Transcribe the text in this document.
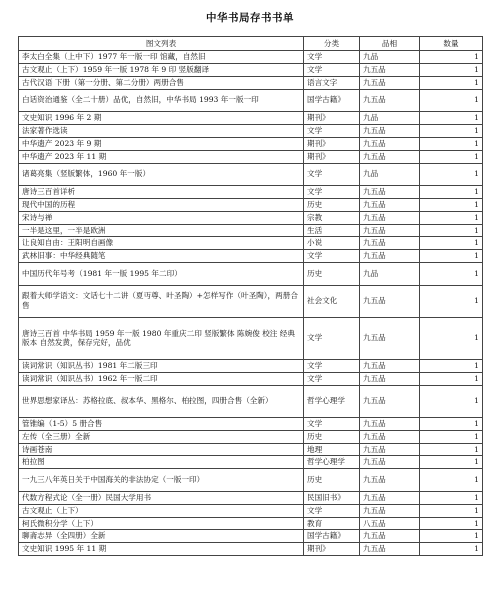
中华书局存书书单
图文列表	分类	品相	数量
李太白全集（上中下）1977 年一版一印 馆藏，自然旧	文学	九品	1
古文观止（上下）1959 年一版 1978 年 9 印 竖版翻译	文学	九五品	1
古代汉语 下册（第一分册、第二分册）两册合售	语言文字	九五品	1
白话资治通鉴（全二十册）品优，自然旧，中华书局 1993 年一版一印	国学古籍》	九五品	1
文史知识 1996 年 2 期	期刊》	九品	1
法家著作选读	文学	九五品	1
中华遗产 2023 年 9 期	期刊》	九五品	1
中华遗产 2023 年 11 期	期刊》	九五品	1
诸葛亮集（竖版繁体，1960 年一版）	文学	九品	1
唐诗三百首详析	文学	九五品	1
现代中国的历程	历史	九五品	1
宋诗与禅	宗教	九五品	1
一半是这里，一半是欧洲	生活	九五品	1
让良知自由：王阳明自画像	小说	九五品	1
武林旧事：中华经典随笔	文学	九五品	1
中国历代年号考（1981 年一版 1995 年二印）	历史	九品	1
跟着大师学语文：文话七十二讲（夏丏尊、叶圣陶）+怎样写作（叶圣陶），两册合售	社会文化	九五品	1
唐诗三百首 中华书局 1959 年一版 1980 年重庆二印 竖版繁体 陈婉俊 校注 经典版本 自然发黄，保存完好，品优	文学	九五品	1
读词常识（知识丛书）1981 年二版三印	文学	九五品	1
读词常识（知识丛书）1962 年一版二印	文学	九五品	1
世界思想家译丛：苏格拉底、叔本华、黑格尔、柏拉图，四册合售（全新）	哲学心理学	九五品	1
管锥编（1-5）5 册合售	文学	九五品	1
左传（全三册）全新	历史	九五品	1
诗画苍南	地理	九五品	1
柏拉图	哲学心理学	九五品	1
一九三八年英日关于中国海关的非法协定（一版一印）	历史	九五品	1
代数方程式论（全一册）民国大学用书	民国旧书》	九五品	1
古文观止（上下）	文学	九五品	1
柯氏微积分学（上下）	教育	八五品	1
聊斋志异（全四册）全新	国学古籍》	九五品	1
文史知识 1995 年 11 期	期刊》	九五品	1
